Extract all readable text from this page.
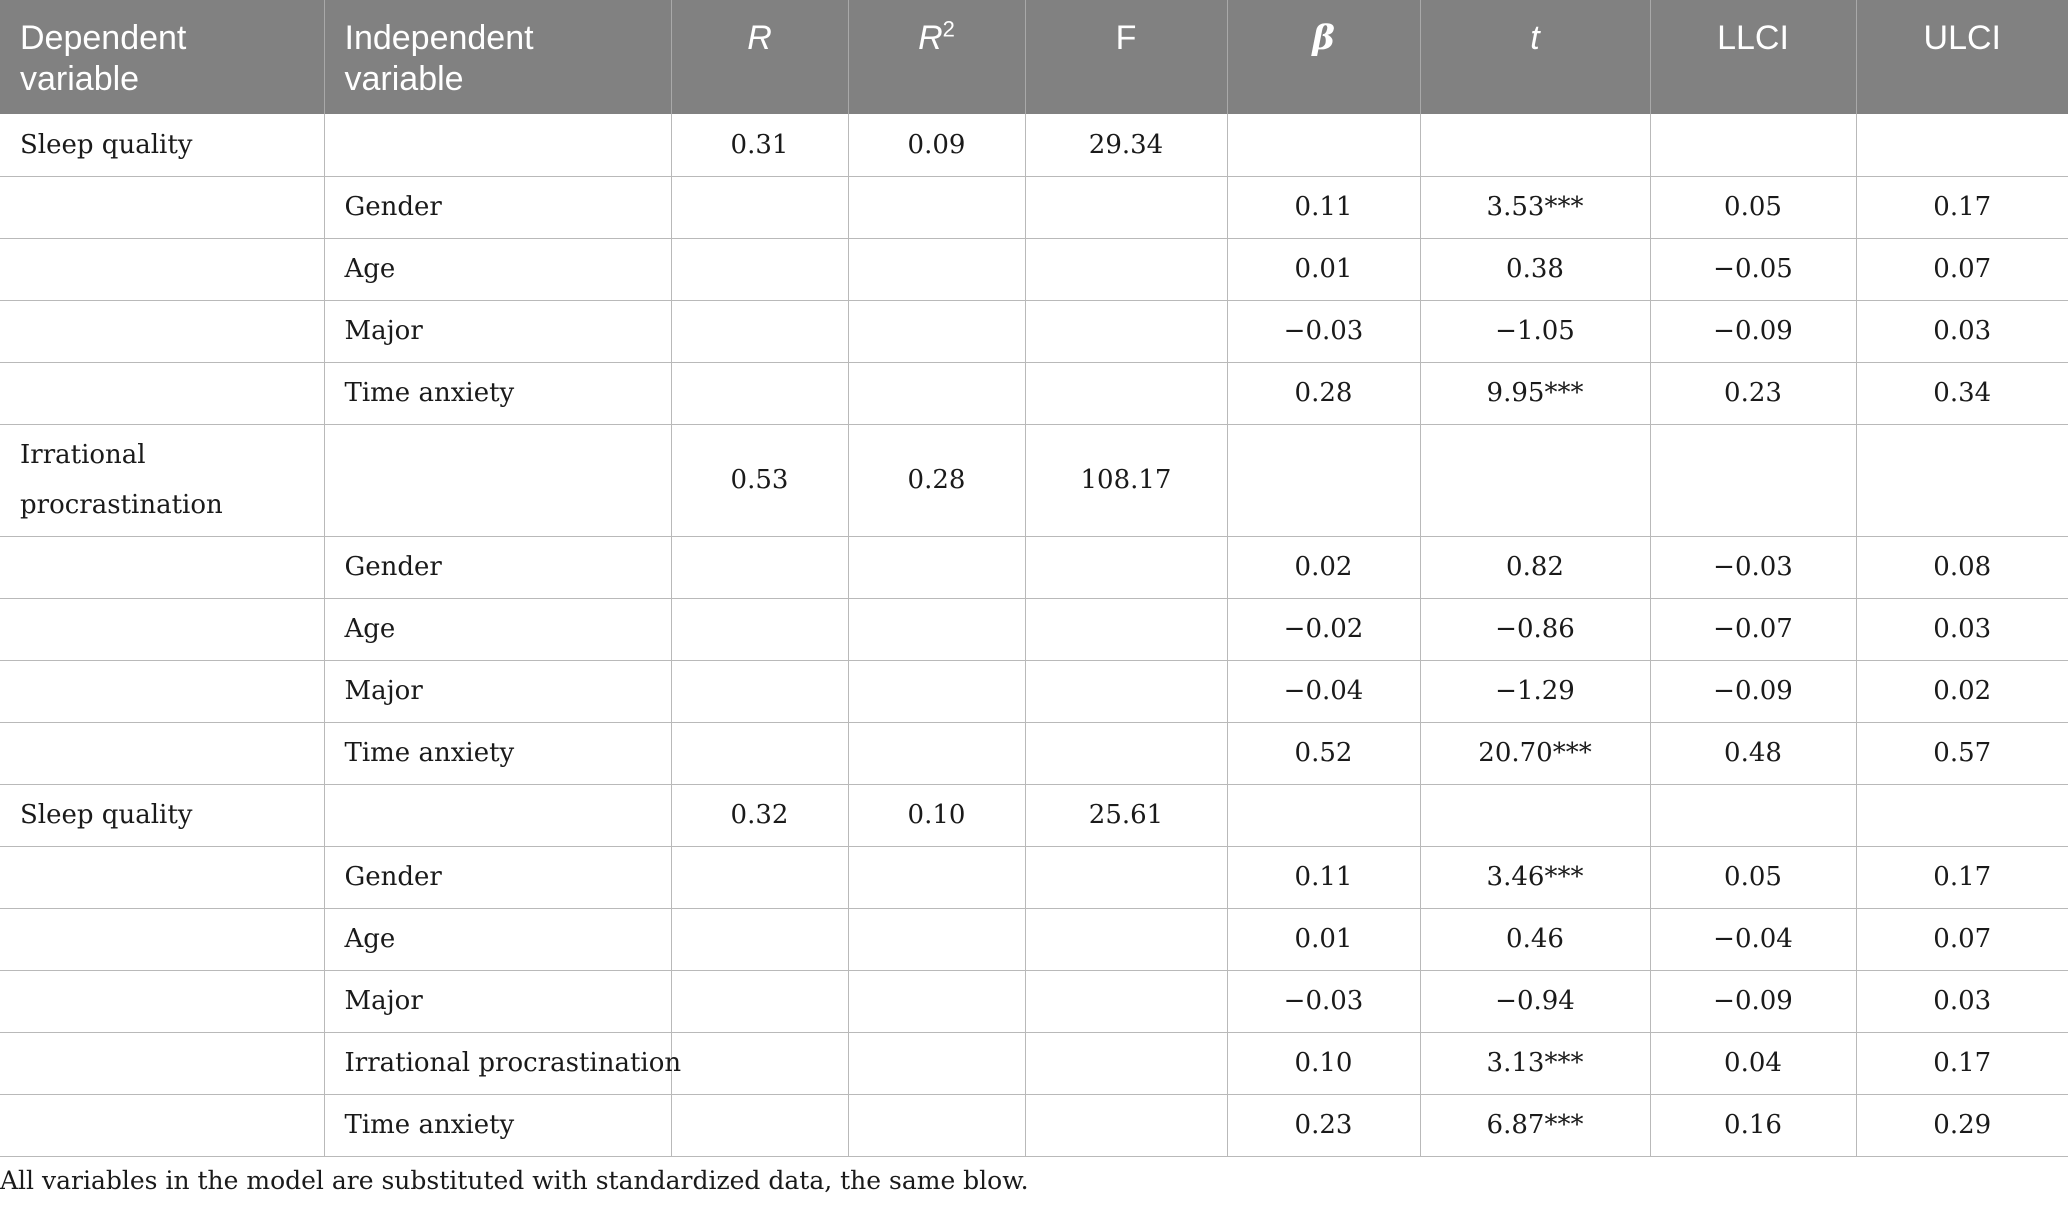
Dependent variable	Independent variable	R	$R^2$	F	β	t	LLCI	ULCI
Sleep quality		0.31	0.09	29.34				
	Gender				0.11	3.53***	0.05	0.17
	Age				0.01	0.38	−0.05	0.07
	Major				−0.03	−1.05	−0.09	0.03
	Time anxiety				0.28	9.95***	0.23	0.34
Irrational procrastination		0.53	0.28	108.17				
	Gender				0.02	0.82	−0.03	0.08
	Age				−0.02	−0.86	−0.07	0.03
	Major				−0.04	−1.29	−0.09	0.02
	Time anxiety				0.52	20.70***	0.48	0.57
Sleep quality		0.32	0.10	25.61				
	Gender				0.11	3.46***	0.05	0.17
	Age				0.01	0.46	−0.04	0.07
	Major				−0.03	−0.94	−0.09	0.03
	Irrational procrastination				0.10	3.13***	0.04	0.17
	Time anxiety				0.23	6.87***	0.16	0.29
All variables in the model are substituted with standardized data, the same blow.
